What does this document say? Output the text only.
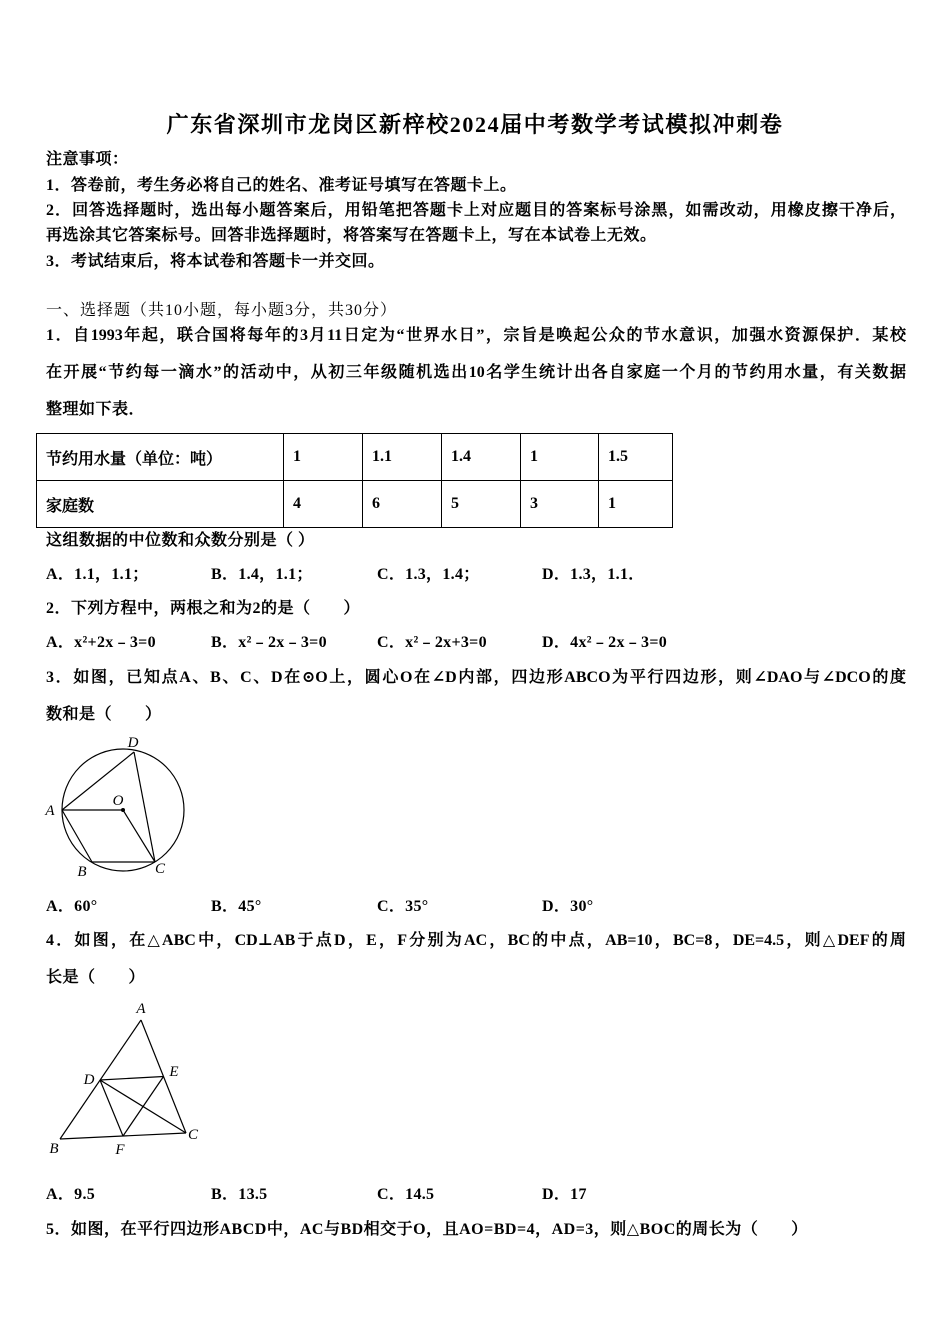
广东省深圳市龙岗区新梓校2024届中考数学考试模拟冲刺卷
注意事项：
1．答卷前，考生务必将自己的姓名、准考证号填写在答题卡上。
2．回答选择题时，选出每小题答案后，用铅笔把答题卡上对应题目的答案标号涂黑，如需改动，用橡皮擦干净后，
再选涂其它答案标号。回答非选择题时，将答案写在答题卡上，写在本试卷上无效。
3．考试结束后，将本试卷和答题卡一并交回。
一、选择题（共10小题，每小题3分，共30分）
1．自1993年起，联合国将每年的3月11日定为“世界水日”，宗旨是唤起公众的节水意识，加强水资源保护．某校
在开展“节约每一滴水”的活动中，从初三年级随机选出10名学生统计出各自家庭一个月的节约用水量，有关数据
整理如下表．
节约用水量（单位：吨）	1	1.1	1.4	1	1.5
家庭数	4	6	5	3	1
这组数据的中位数和众数分别是（ ）
A．1.1，1.1；	B．1.4，1.1；	C．1.3，1.4；	D．1.3，1.1．
2．下列方程中，两根之和为2的是（　　）
A．x²+2x﹣3=0	B．x²﹣2x﹣3=0	C．x²﹣2x+3=0	D．4x²﹣2x﹣3=0
3．如图，已知点A、B、C、D在⊙O上，圆心O在∠D内部，四边形ABCO为平行四边形，则∠DAO与∠DCO的度
数和是（　　）
D
A
O
B	C
A．60°	B．45°	C．35°	D．30°
4．如图，在△ABC中，CD⊥AB于点D，E，F分别为AC，BC的中点，AB=10，BC=8，DE=4.5，则△DEF的周
长是（　　）
A
D	E
B	F
C
A．9.5	B．13.5	C．14.5	D．17
5．如图，在平行四边形ABCD中，AC与BD相交于O，且AO=BD=4，AD=3，则△BOC的周长为（　　）
